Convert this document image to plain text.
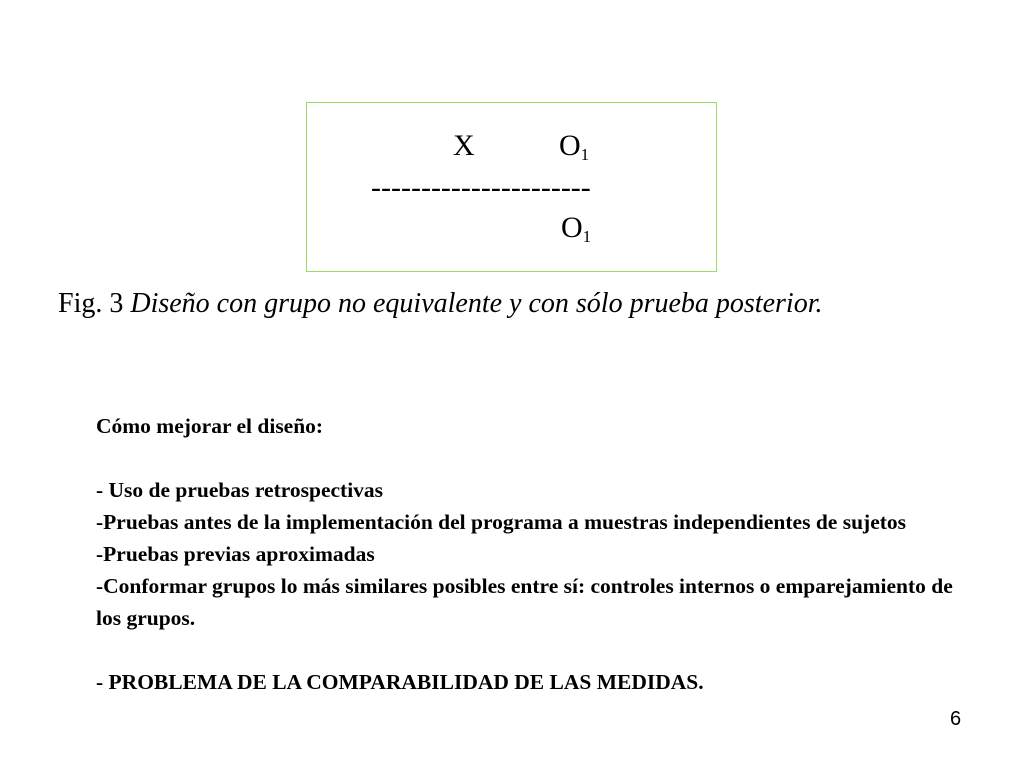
X	$O_1$
----------------------
$O_1$
Fig. 3 Diseño con grupo no equivalente y con sólo prueba posterior.

Cómo mejorar el diseño:

- Uso de pruebas retrospectivas

-Pruebas antes de la implementación del programa a muestras independientes de sujetos

-Pruebas previas aproximadas

-Conformar grupos lo más similares posibles entre sí: controles internos o emparejamiento de los grupos.

- PROBLEMA DE LA COMPARABILIDAD DE LAS MEDIDAS.

6
